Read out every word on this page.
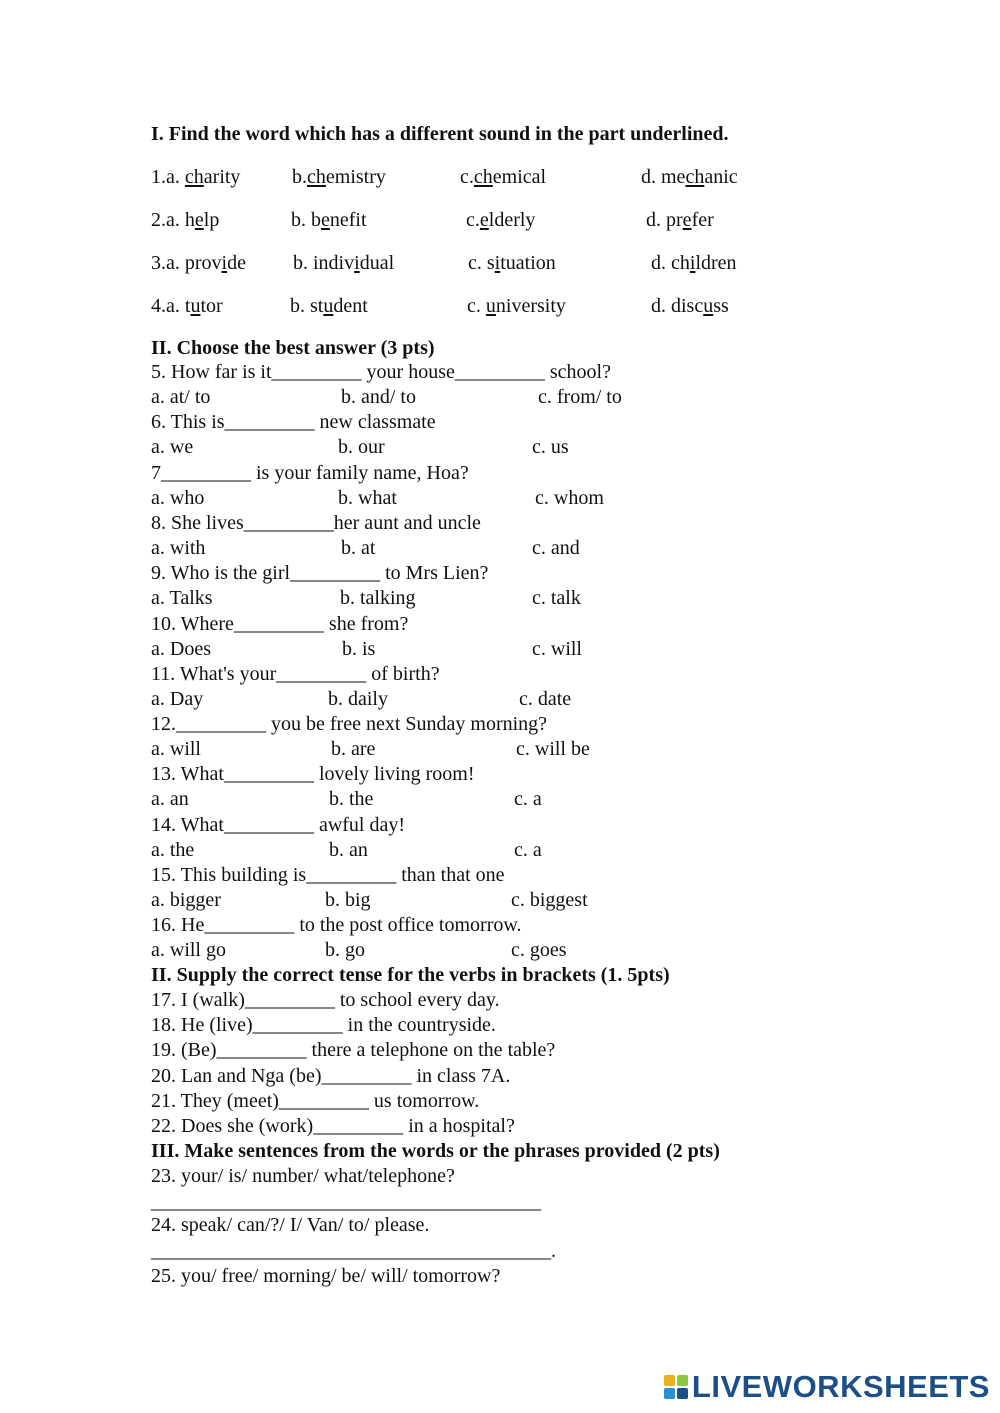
I. Find the word which has a different sound in the part underlined.
1.a. charity	b.chemistry	c.chemical	d. mechanic
2.a. help	b. benefit	c.elderly	d. prefer
3.a. provide b. individual	c. situation	d. children
4.a. tutor	b. student	c. university	d. discuss
II. Choose the best answer (3 pts)
5. How far is it_________ your house_________ school?
a. at/ to	b. and/ to	c. from/ to
6. This is_________ new classmate
a. we	b. our	c. us
7_________ is your family name, Hoa?
a. who	b. what	c. whom
8. She lives_________her aunt and uncle
a. with	b. at	c. and
9. Who is the girl_________ to Mrs Lien?
a. Talks	b. talking	c. talk
10. Where_________ she from?
a. Does	b. is	c. will
11. What's your_________ of birth?
a. Day	b. daily	c. date
12._________ you be free next Sunday morning?
a. will	b. are	c. will be
13. What_________ lovely living room!
a. an	b. the	c. a
14. What_________ awful day!
a. the	b. an	c. a
15. This building is_________ than that one
a. bigger	b. big	c. biggest
16. He_________ to the post office tomorrow.
a. will go	b. go	c. goes
II. Supply the correct tense for the verbs in brackets (1. 5pts)
17. I (walk)_________ to school every day.
18. He (live)_________ in the countryside.
19. (Be)_________ there a telephone on the table?
20. Lan and Nga (be)_________ in class 7A.
21. They (meet)_________ us tomorrow.
22. Does she (work)_________ in a hospital?
III. Make sentences from the words or the phrases provided (2 pts)
23. your/ is/ number/ what/telephone?
_______________________________________
24. speak/ can/?/ I/ Van/ to/ please.
________________________________________.
25. you/ free/ morning/ be/ will/ tomorrow?
LIVEWORKSHEETS
